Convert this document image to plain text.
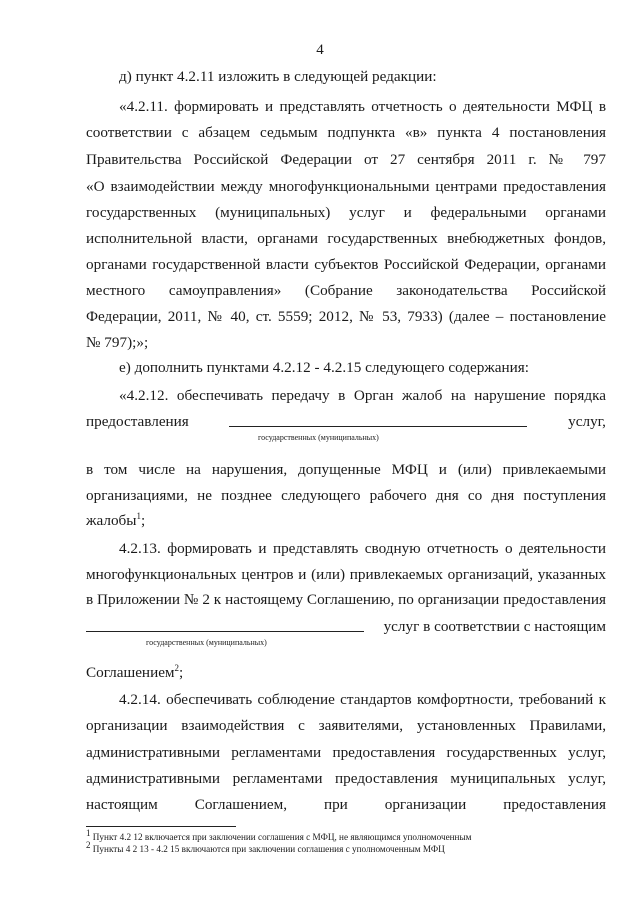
4
д) пункт 4.2.11 изложить в следующей редакции:
«4.2.11. формировать и представлять отчетность о деятельности МФЦ в
соответствии с абзацем седьмым подпункта «в» пункта 4 постановления
Правительства Российской Федерации от 27 сентября 2011 г. № 797
«О взаимодействии между многофункциональными центрами предоставления
государственных (муниципальных) услуг и федеральными органами
исполнительной власти, органами государственных внебюджетных фондов,
органами государственной власти субъектов Российской Федерации, органами
местного самоуправления» (Собрание законодательства Российской
Федерации, 2011, № 40, ст. 5559; 2012, № 53, 7933) (далее – постановление
№ 797);»;
е) дополнить пунктами 4.2.12 - 4.2.15 следующего содержания:
«4.2.12. обеспечивать передачу в Орган жалоб на нарушение порядка
предоставления	услуг,
государственных (муниципальных)
в том числе на нарушения, допущенные МФЦ и (или) привлекаемыми
организациями, не позднее следующего рабочего дня со дня поступления
жалобы$^1$;
4.2.13. формировать и представлять сводную отчетность о деятельности
многофункциональных центров и (или) привлекаемых организаций, указанных
в Приложении № 2 к настоящему Соглашению, по организации предоставления
услуг в соответствии с настоящим
государственных (муниципальных)
Соглашением$^2$;
4.2.14. обеспечивать соблюдение стандартов комфортности, требований к
организации взаимодействия с заявителями, установленных Правилами,
административными регламентами предоставления государственных услуг,
административными регламентами предоставления муниципальных услуг,
настоящим Соглашением, при организации предоставления
$^1$ Пункт 4.2 12 включается при заключении соглашения с МФЦ, не являющимся уполномоченным
$^2$ Пункты 4 2 13 - 4.2 15 включаются при заключении соглашения с уполномоченным МФЦ
